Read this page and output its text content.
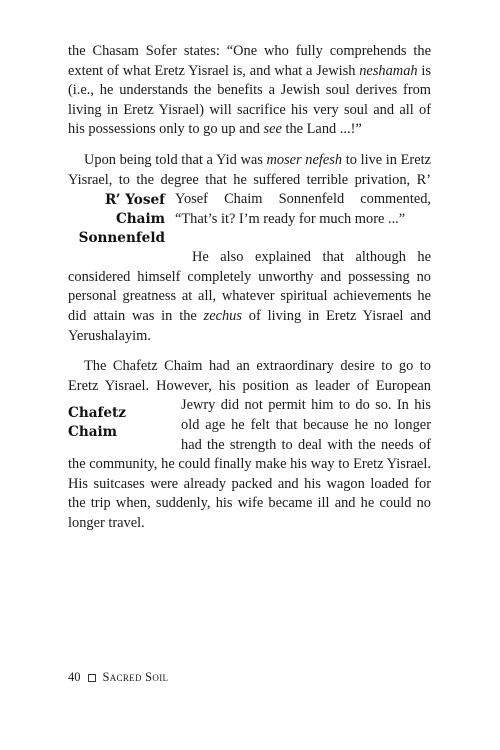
the Chasam Sofer states: “One who fully comprehends the extent of what Eretz Yisrael is, and what a Jewish neshamah is (i.e., he understands the benefits a Jewish soul derives from living in Eretz Yisrael) will sacrifice his very soul and all of his possessions only to go up and see the Land ...!”

Upon being told that a Yid was moser nefesh to live in Eretz Yisrael, to the degree that he suffered terrible privation, R’ Yosef
R’ Yosef Chaim
Sonnenfeld
Chaim Sonnenfeld commented, “That’s it? I’m ready for much more ...”
He also explained that although he considered himself completely unworthy and possessing no personal greatness at all, whatever spiritual achievements he did attain was in the zechus of living in Eretz Yisrael and Yerushalayim.

The Chafetz Chaim had an extraordinary desire to go to Eretz Yisrael. However, his position as leader of European Jewry did
Chafetz Chaim
not permit him to do so. In his old age he felt that because he no longer had the strength to deal with the needs of the community, he could finally make his way to Eretz Yisrael. His suitcases were already packed and his wagon loaded for the trip when, suddenly, his wife became ill and he could no longer travel.

40 Sacred Soil
